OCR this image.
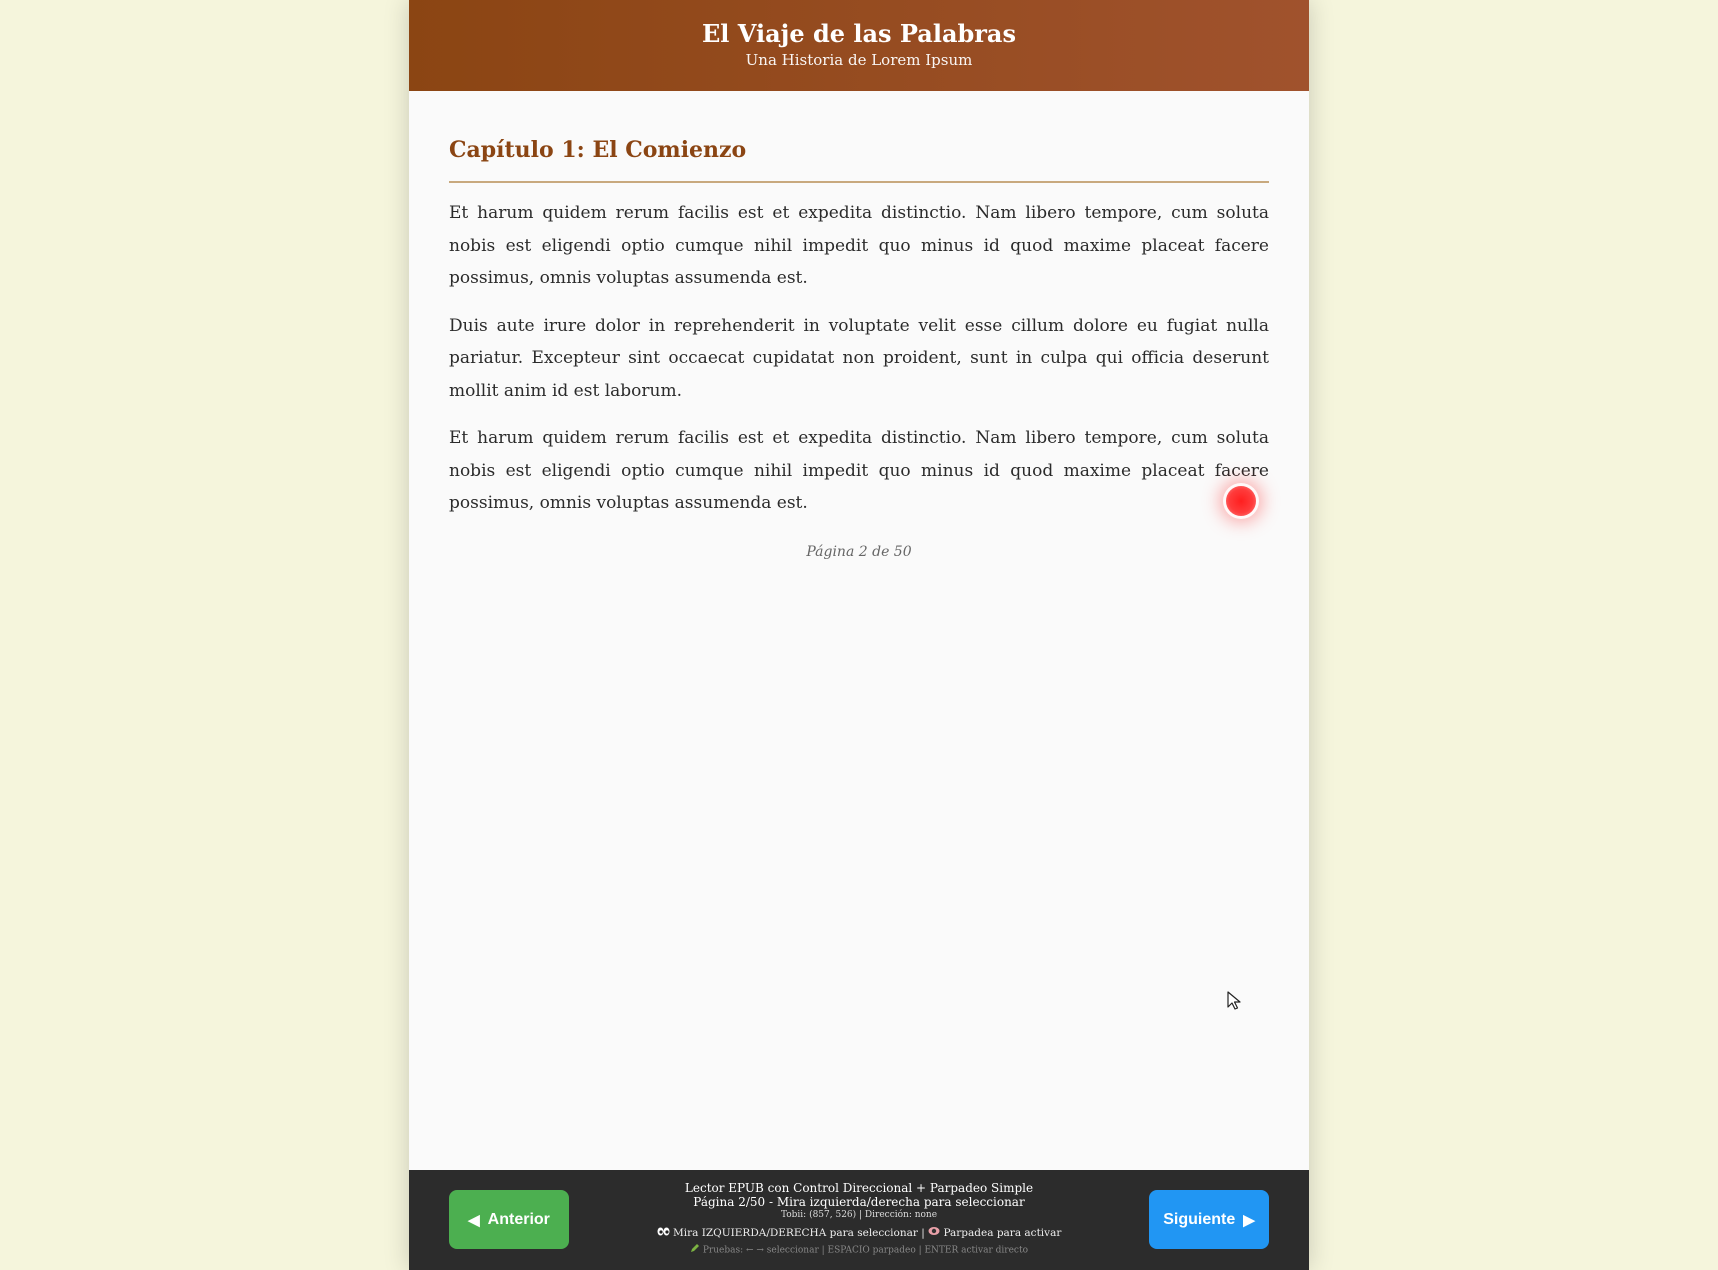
El Viaje de las Palabras
Una Historia de Lorem Ipsum
Capítulo 1: El Comienzo

Et harum quidem rerum facilis est et expedita distinctio. Nam libero tempore, cum soluta nobis est eligendi optio cumque nihil impedit quo minus id quod maxime placeat facere possimus, omnis voluptas assumenda est.

Duis aute irure dolor in reprehenderit in voluptate velit esse cillum dolore eu fugiat nulla pariatur. Excepteur sint occaecat cupidatat non proident, sunt in culpa qui officia deserunt mollit anim id est laborum.

Et harum quidem rerum facilis est et expedita distinctio. Nam libero tempore, cum soluta nobis est eligendi optio cumque nihil impedit quo minus id quod maxime placeat facere possimus, omnis voluptas assumenda est.

Página 2 de 50
◀ Anterior
Lector EPUB con Control Direccional + Parpadeo Simple
Página 2/50 - Mira izquierda/derecha para seleccionar
Tobii: (857, 526) | Dirección: none
Mira IZQUIERDA/DERECHA para seleccionar | Parpadea para activar
Pruebas: ← → seleccionar | ESPACIO parpadeo | ENTER activar directo
Siguiente ▶
